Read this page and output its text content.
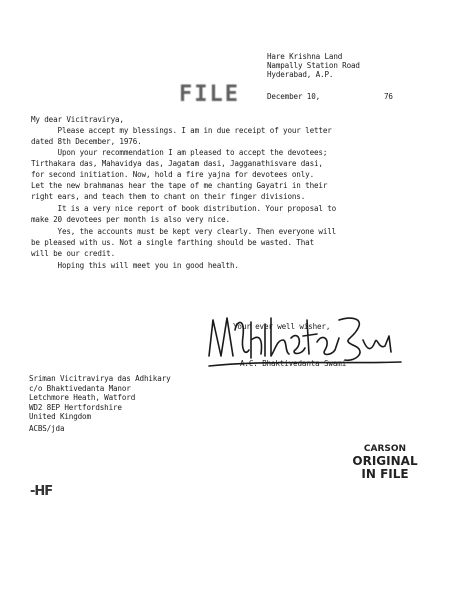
Hare Krishna Land
Nampally Station Road
Hyderabad, A.P.
FILE	December 10,	76
My dear Vicitravirya,
Please accept my blessings. I am in due receipt of your letter
dated 8th December, 1976.
Upon your recommendation I am pleased to accept the devotees;
Tirthakara das, Mahavidya das, Jagatam dasi, Jagganathisvare dasi,
for second initiation. Now, hold a fire yajna for devotees only.
Let the new brahmanas hear the tape of me chanting Gayatri in their
right ears, and teach them to chant on their finger divisions.
It is a very nice report of book distribution. Your proposal to
make 20 devotees per month is also very nice.
Yes, the accounts must be kept very clearly. Then everyone will
be pleased with us. Not a single farthing should be wasted. That
will be our credit.
Hoping this will meet you in good health.
Your ever well wisher,
A.C. Bhaktivedanta Swami
Sriman Vicitravirya das Adhikary
c/o Bhaktivedanta Manor
Letchmore Heath, Watford
WD2 8EP Hertfordshire
United Kingdom
ACBS/jda
CARSON
ORIGINAL
IN FILE
-HF
